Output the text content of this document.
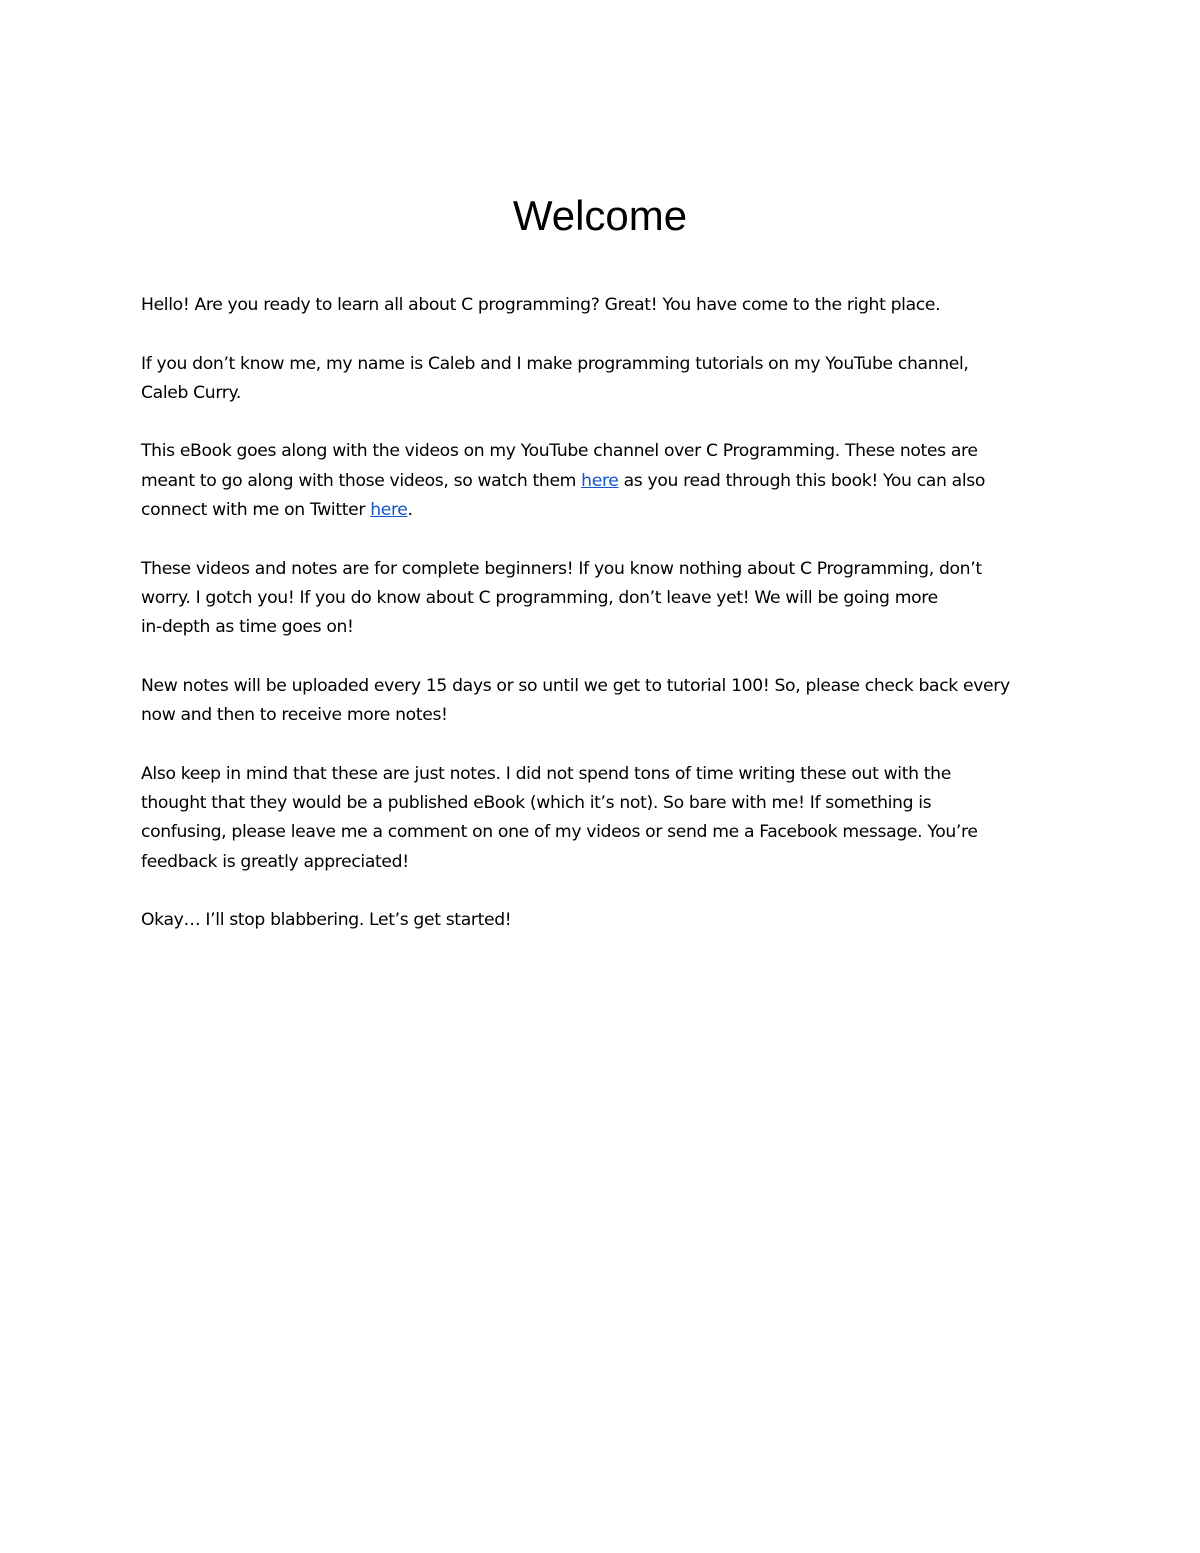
Welcome

Hello! Are you ready to learn all about C programming? Great! You have come to the right place.

If you don’t know me, my name is Caleb and I make programming tutorials on my YouTube channel,
Caleb Curry.

This eBook goes along with the videos on my YouTube channel over C Programming. These notes are
meant to go along with those videos, so watch them here as you read through this book! You can also
connect with me on Twitter here.

These videos and notes are for complete beginners! If you know nothing about C Programming, don’t
worry. I gotch you! If you do know about C programming, don’t leave yet! We will be going more
in-depth as time goes on!

New notes will be uploaded every 15 days or so until we get to tutorial 100! So, please check back every
now and then to receive more notes!

Also keep in mind that these are just notes. I did not spend tons of time writing these out with the
thought that they would be a published eBook (which it’s not). So bare with me! If something is
confusing, please leave me a comment on one of my videos or send me a Facebook message. You’re
feedback is greatly appreciated!

Okay… I’ll stop blabbering. Let’s get started!
